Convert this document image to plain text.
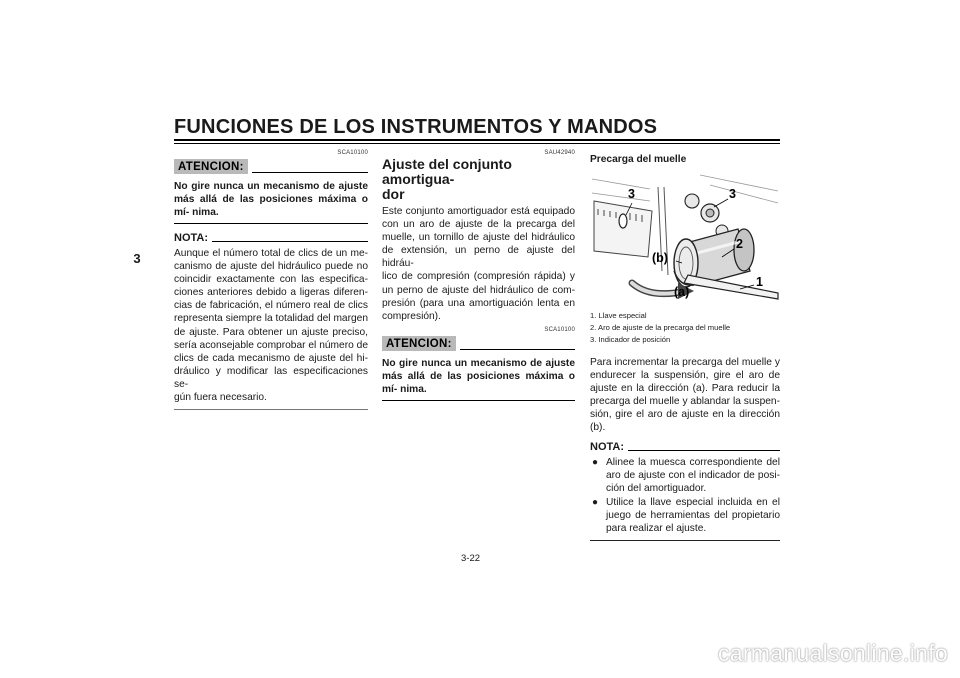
FUNCIONES DE LOS INSTRUMENTOS Y MANDOS
3
SCA10100
ATENCION:
No gire nunca un mecanismo de ajuste más allá de las posiciones máxima o mí- nima.
NOTA:
Aunque el número total de clics de un me-
canismo de ajuste del hidráulico puede no
coincidir exactamente con las especifica-
ciones anteriores debido a ligeras diferen-
cias de fabricación, el número real de clics
representa siempre la totalidad del margen
de ajuste. Para obtener un ajuste preciso,
sería aconsejable comprobar el número de
clics de cada mecanismo de ajuste del hi-
dráulico y modificar las especificaciones se-
gún fuera necesario.
SAU42940
Ajuste del conjunto amortigua-
dor
Este conjunto amortiguador está equipado
con un aro de ajuste de la precarga del
muelle, un tornillo de ajuste del hidráulico
de extensión, un perno de ajuste del hidráu-
lico de compresión (compresión rápida) y
un perno de ajuste del hidráulico de com-
presión (para una amortiguación lenta en
compresión).
SCA10100
ATENCION:
No gire nunca un mecanismo de ajuste más allá de las posiciones máxima o mí- nima.
Precarga del muelle
3	3
2
1
(b)
(a)
1. Llave especial
2. Aro de ajuste de la precarga del muelle
3. Indicador de posición
Para incrementar la precarga del muelle y
endurecer la suspensión, gire el aro de
ajuste en la dirección (a). Para reducir la
precarga del muelle y ablandar la suspen-
sión, gire el aro de ajuste en la dirección (b).
NOTA:
● Alinee la muesca correspondiente del
aro de ajuste con el indicador de posi-
ción del amortiguador.
● Utilice la llave especial incluida en el
juego de herramientas del propietario
para realizar el ajuste.
3-22
carmanualsonline.info
